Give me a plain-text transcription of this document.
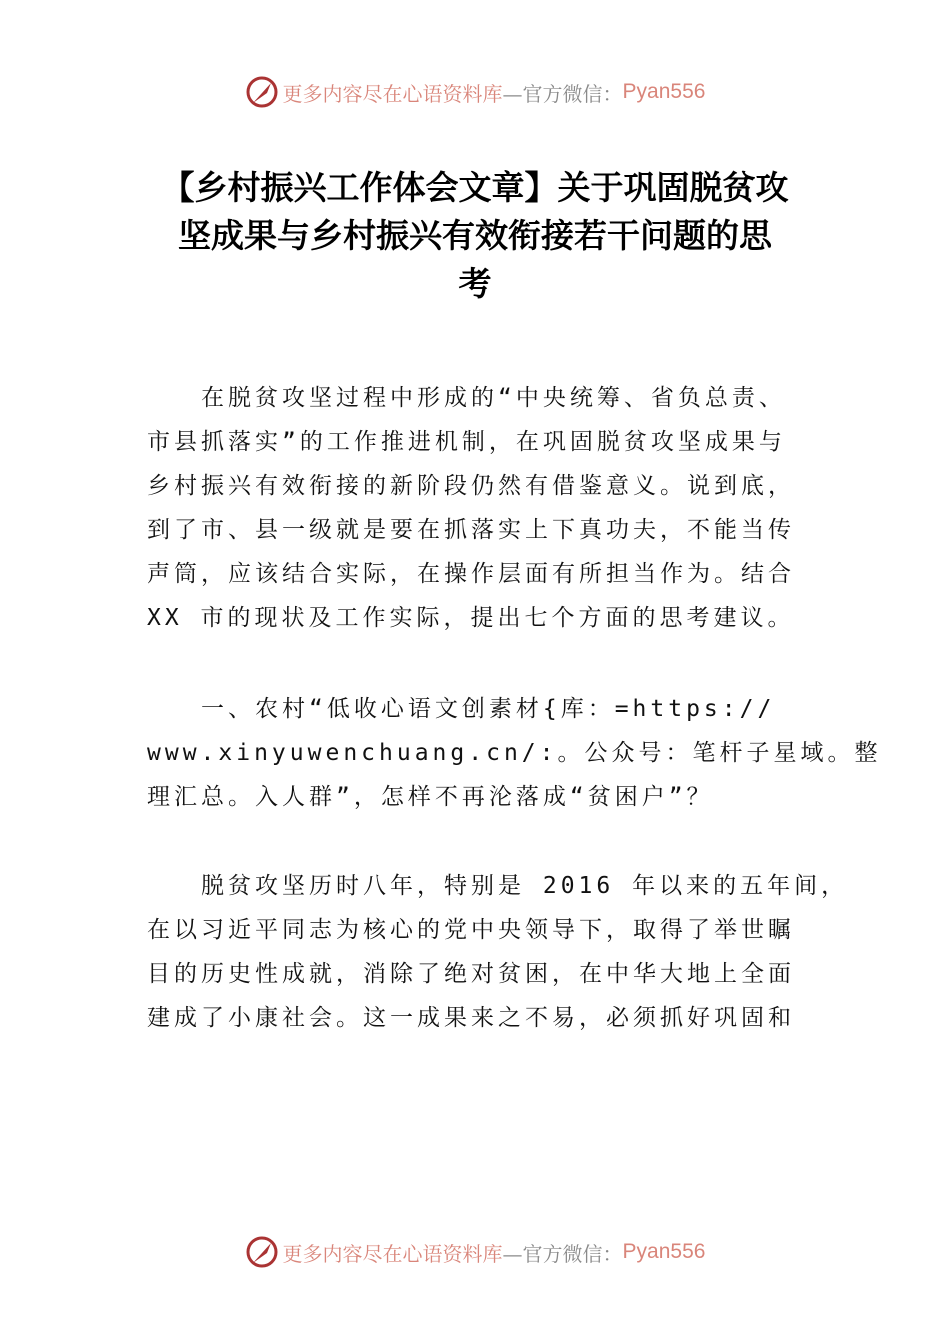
更多内容尽在心语资料库 —官方微信： Pyan556
【乡村振兴工作体会文章】关于巩固脱贫攻
坚成果与乡村振兴有效衔接若干问题的思
考
　　在脱贫攻坚过程中形成的“中央统筹、省负总责、
市县抓落实”的工作推进机制，在巩固脱贫攻坚成果与
乡村振兴有效衔接的新阶段仍然有借鉴意义。说到底，
到了市、县一级就是要在抓落实上下真功夫，不能当传
声筒，应该结合实际，在操作层面有所担当作为。结合
XX 市的现状及工作实际，提出七个方面的思考建议。
　　一、农村“低收心语文创素材{库：=https://
www.xinyuwenchuang.cn/:。公众号：笔杆子星域。整
理汇总。入人群”，怎样不再沦落成“贫困户”？
　　脱贫攻坚历时八年，特别是 2016 年以来的五年间，
在以习近平同志为核心的党中央领导下，取得了举世瞩
目的历史性成就，消除了绝对贫困，在中华大地上全面
建成了小康社会。这一成果来之不易，必须抓好巩固和
更多内容尽在心语资料库 —官方微信： Pyan556
